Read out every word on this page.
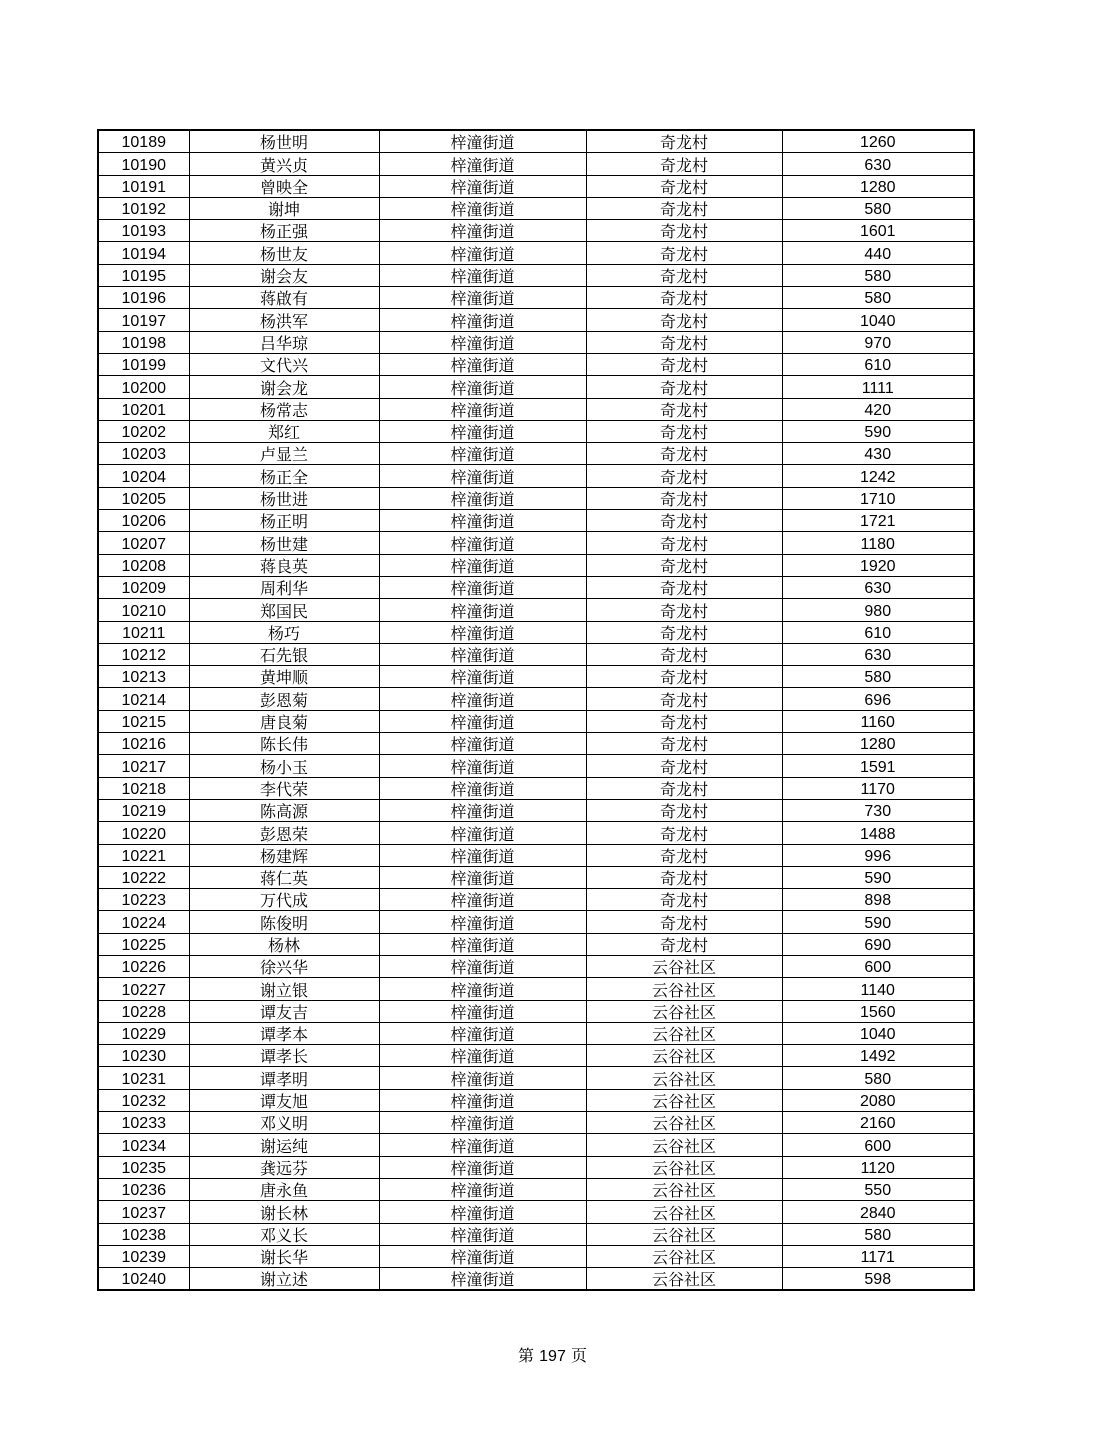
10189	杨世明	梓潼街道	奇龙村	1260
10190	黄兴贞	梓潼街道	奇龙村	630
10191	曾映全	梓潼街道	奇龙村	1280
10192	谢坤	梓潼街道	奇龙村	580
10193	杨正强	梓潼街道	奇龙村	1601
10194	杨世友	梓潼街道	奇龙村	440
10195	谢会友	梓潼街道	奇龙村	580
10196	蒋啟有	梓潼街道	奇龙村	580
10197	杨洪军	梓潼街道	奇龙村	1040
10198	吕华琼	梓潼街道	奇龙村	970
10199	文代兴	梓潼街道	奇龙村	610
10200	谢会龙	梓潼街道	奇龙村	1111
10201	杨常志	梓潼街道	奇龙村	420
10202	郑红	梓潼街道	奇龙村	590
10203	卢显兰	梓潼街道	奇龙村	430
10204	杨正全	梓潼街道	奇龙村	1242
10205	杨世进	梓潼街道	奇龙村	1710
10206	杨正明	梓潼街道	奇龙村	1721
10207	杨世建	梓潼街道	奇龙村	1180
10208	蒋良英	梓潼街道	奇龙村	1920
10209	周利华	梓潼街道	奇龙村	630
10210	郑国民	梓潼街道	奇龙村	980
10211	杨巧	梓潼街道	奇龙村	610
10212	石先银	梓潼街道	奇龙村	630
10213	黄坤顺	梓潼街道	奇龙村	580
10214	彭恩菊	梓潼街道	奇龙村	696
10215	唐良菊	梓潼街道	奇龙村	1160
10216	陈长伟	梓潼街道	奇龙村	1280
10217	杨小玉	梓潼街道	奇龙村	1591
10218	李代荣	梓潼街道	奇龙村	1170
10219	陈高源	梓潼街道	奇龙村	730
10220	彭恩荣	梓潼街道	奇龙村	1488
10221	杨建辉	梓潼街道	奇龙村	996
10222	蒋仁英	梓潼街道	奇龙村	590
10223	万代成	梓潼街道	奇龙村	898
10224	陈俊明	梓潼街道	奇龙村	590
10225	杨林	梓潼街道	奇龙村	690
10226	徐兴华	梓潼街道	云谷社区	600
10227	谢立银	梓潼街道	云谷社区	1140
10228	谭友吉	梓潼街道	云谷社区	1560
10229	谭孝本	梓潼街道	云谷社区	1040
10230	谭孝长	梓潼街道	云谷社区	1492
10231	谭孝明	梓潼街道	云谷社区	580
10232	谭友旭	梓潼街道	云谷社区	2080
10233	邓义明	梓潼街道	云谷社区	2160
10234	谢运纯	梓潼街道	云谷社区	600
10235	龚远芬	梓潼街道	云谷社区	1120
10236	唐永鱼	梓潼街道	云谷社区	550
10237	谢长林	梓潼街道	云谷社区	2840
10238	邓义长	梓潼街道	云谷社区	580
10239	谢长华	梓潼街道	云谷社区	1171
10240	谢立述	梓潼街道	云谷社区	598
第 197 页
